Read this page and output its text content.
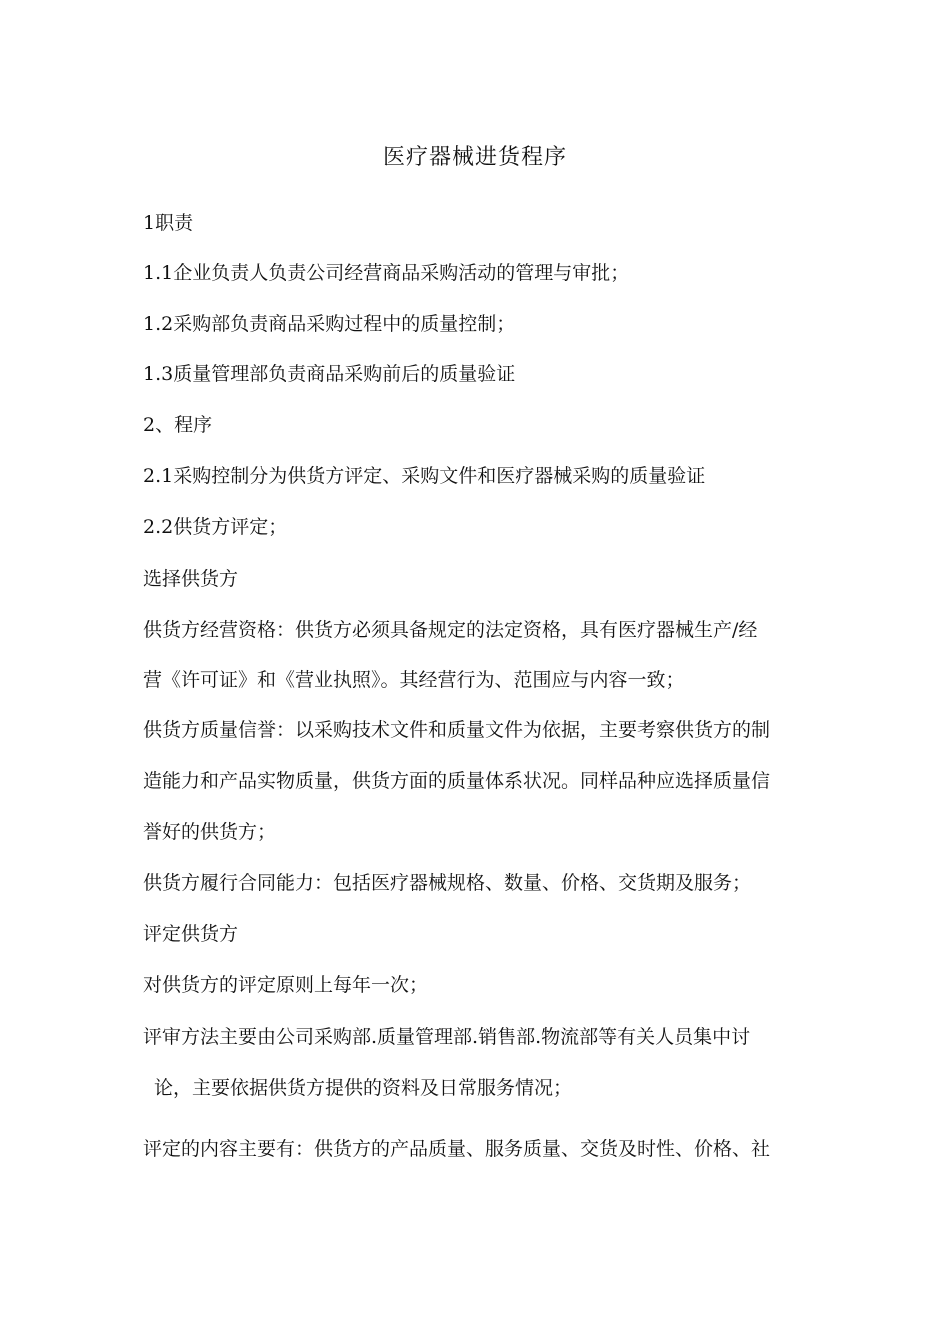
医疗器械进货程序
1职责
1.1企业负责人负责公司经营商品采购活动的管理与审批；
1.2采购部负责商品采购过程中的质量控制；
1.3质量管理部负责商品采购前后的质量验证
2、程序
2.1采购控制分为供货方评定、采购文件和医疗器械采购的质量验证
2.2供货方评定；
选择供货方
供货方经营资格：供货方必须具备规定的法定资格，具有医疗器械生产/经
营《许可证》和《营业执照》。其经营行为、范围应与内容一致；
供货方质量信誉：以采购技术文件和质量文件为依据，主要考察供货方的制
造能力和产品实物质量，供货方面的质量体系状况。同样品种应选择质量信
誉好的供货方；
供货方履行合同能力：包括医疗器械规格、数量、价格、交货期及服务；
评定供货方
对供货方的评定原则上每年一次；
评审方法主要由公司采购部.质量管理部.销售部.物流部等有关人员集中讨
论，主要依据供货方提供的资料及日常服务情况；
评定的内容主要有：供货方的产品质量、服务质量、交货及时性、价格、社
